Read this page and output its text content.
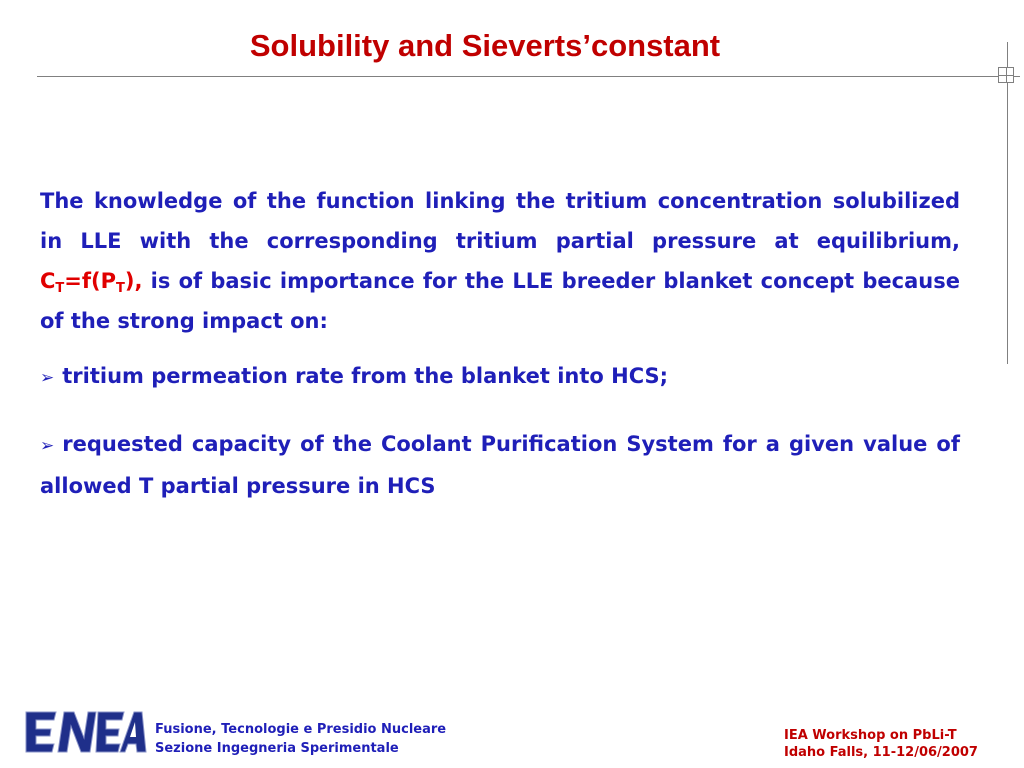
Solubility and Sieverts’constant

The knowledge of the function linking the tritium concentration solubilized in LLE with the corresponding tritium partial pressure at equilibrium, $C_T=f(P_T)$, is of basic importance for the LLE breeder blanket concept because of the strong impact on:

➢ tritium permeation rate from the blanket into HCS;

➢ requested capacity of the Coolant Purification System for a given value of allowed T partial pressure in HCS

Fusione, Tecnologie e Presidio Nucleare
Sezione Ingegneria Sperimentale
IEA Workshop on PbLi-T
Idaho Falls, 11-12/06/2007
